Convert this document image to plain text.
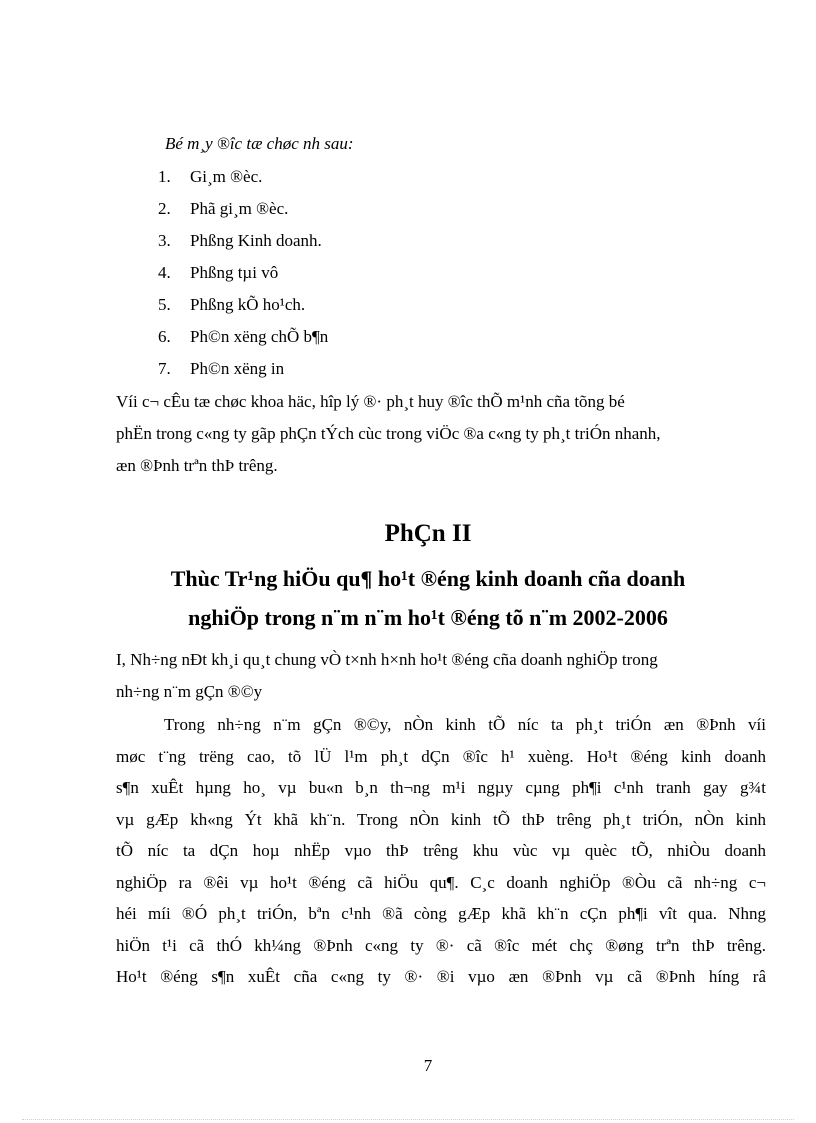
Bé m¸y ®îc tæ chøc nh sau:
1. Gi¸m ®èc.
2. Phã gi¸m ®èc.
3. Phßng Kinh doanh.
4. Phßng tµi vô
5. Phßng kÕ ho¹ch.
6. Ph©n xëng chÕ b¶n
7. Ph©n xëng in
Víi c¬ cÊu tæ chøc khoa häc, hîp lý ®· ph¸t huy ®îc thÕ m¹nh cña tõng bé
phËn trong c«ng ty gãp phÇn tÝch cùc trong viÖc ®a c«ng ty ph¸t triÓn nhanh,
æn ®Þnh trªn thÞ trêng.
PhÇn II
Thùc Tr¹ng hiÖu qu¶ ho¹t ®éng kinh doanh cña doanh
nghiÖp trong n¨m n¨m ho¹t ®éng tõ n¨m 2002-2006
I, Nh÷ng nÐt kh¸i qu¸t chung vÒ t×nh h×nh ho¹t ®éng cña doanh nghiÖp trong
nh÷ng n¨m gÇn ®©y
Trong nh÷ng n¨m gÇn ®©y, nÒn kinh tÕ níc ta ph¸t triÓn æn ®Þnh víi
møc t¨ng trëng cao, tõ lÜ l¹m ph¸t dÇn ®îc h¹ xuèng. Ho¹t ®éng kinh doanh
s¶n xuÊt hµng ho¸ vµ bu«n b¸n th¬ng m¹i ngµy cµng ph¶i c¹nh tranh gay g¾t
vµ gÆp kh«ng Ýt khã kh¨n. Trong nÒn kinh tÕ thÞ trêng ph¸t triÓn, nÒn kinh
tÕ níc ta dÇn hoµ nhËp vµo thÞ trêng khu vùc vµ quèc tÕ, nhiÒu doanh
nghiÖp ra ®êi vµ ho¹t ®éng cã hiÖu qu¶. C¸c doanh nghiÖp ®Òu cã nh÷ng c¬
héi míi ®Ó ph¸t triÓn, bªn c¹nh ®ã còng gÆp khã kh¨n cÇn ph¶i vît qua. Nhng
hiÖn t¹i cã thÓ kh¼ng ®Þnh c«ng ty ®· cã ®îc mét chç ®øng trªn thÞ trêng.
Ho¹t ®éng s¶n xuÊt cña c«ng ty ®· ®i vµo æn ®Þnh vµ cã ®Þnh híng râ
7
